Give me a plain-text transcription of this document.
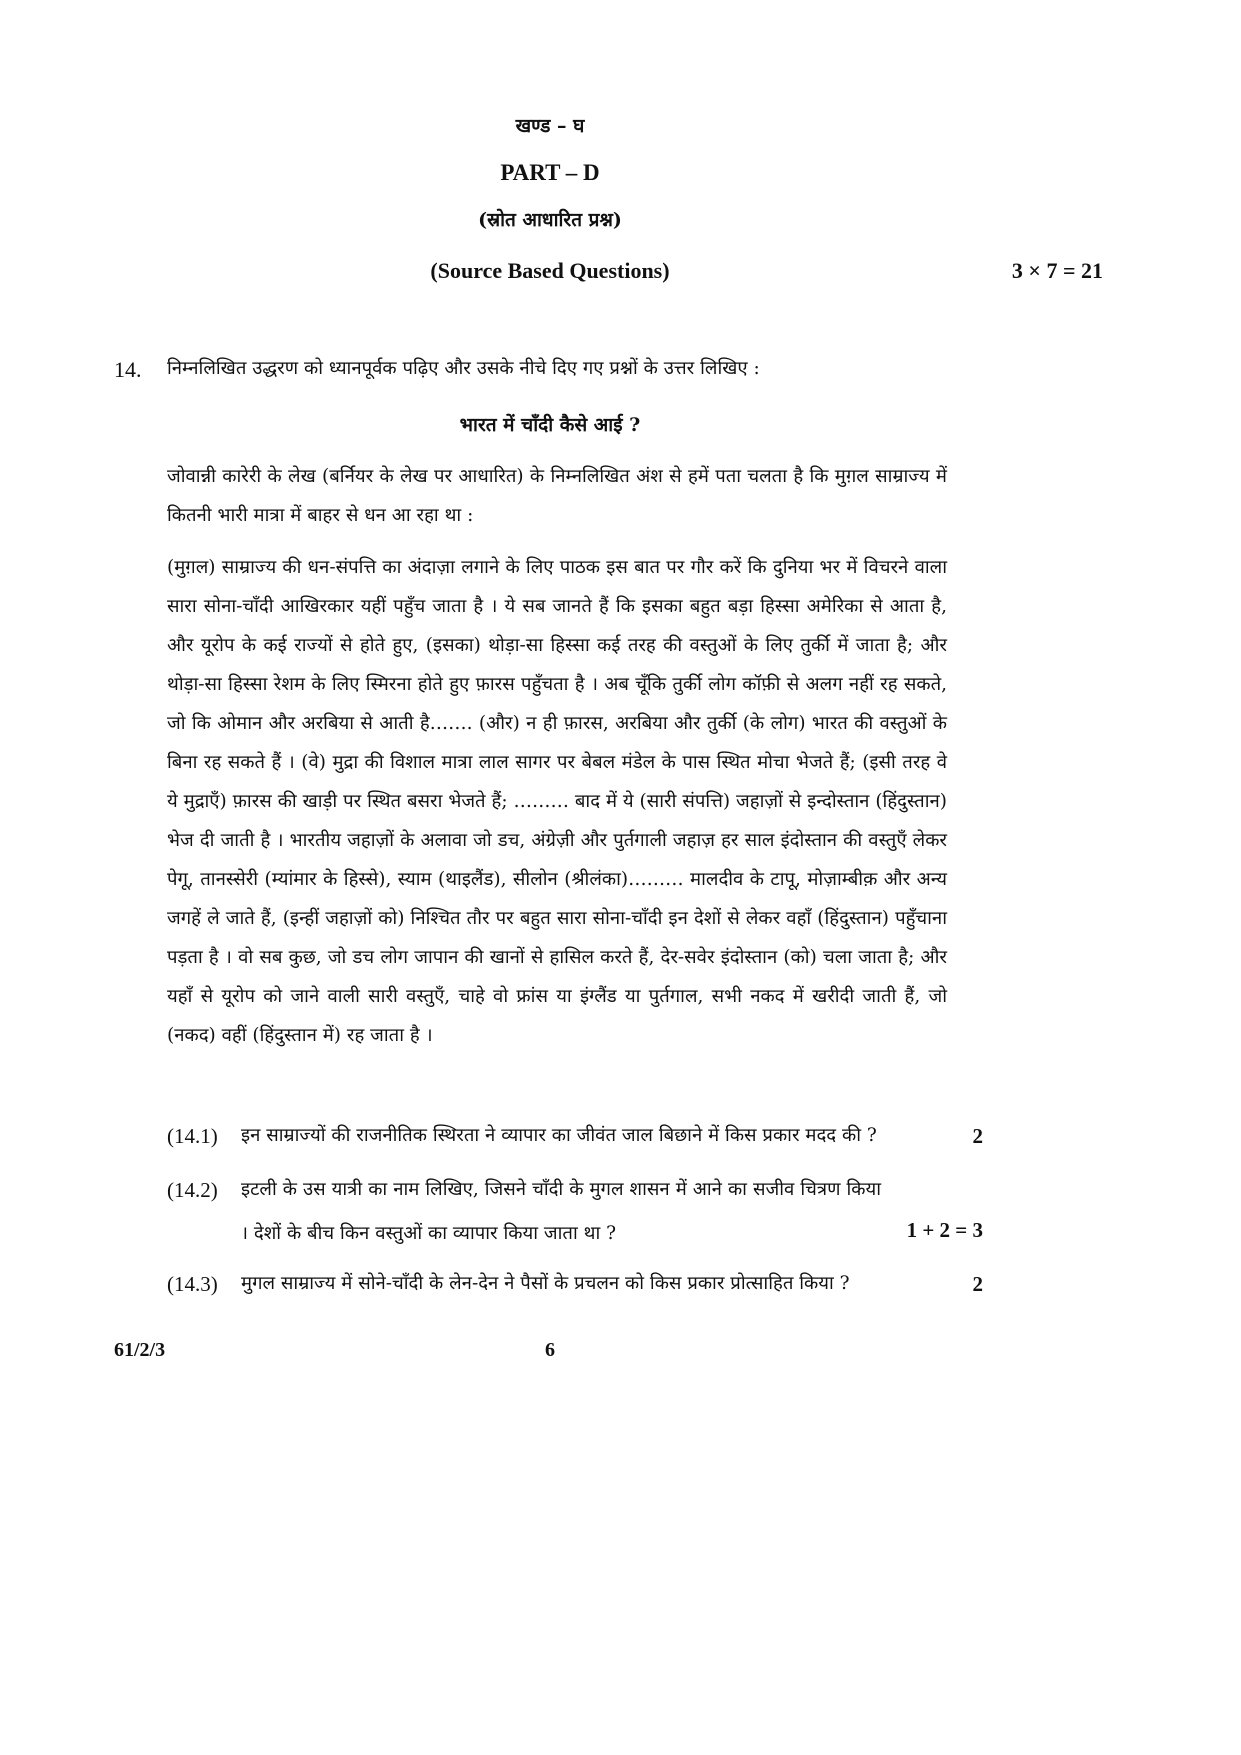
खण्ड – घ
PART – D
(स्रोत आधारित प्रश्न)
(Source Based Questions)	3 × 7 = 21
14. निम्नलिखित उद्धरण को ध्यानपूर्वक पढ़िए और उसके नीचे दिए गए प्रश्नों के उत्तर लिखिए :
भारत में चाँदी कैसे आई ?
जोवान्नी कारेरी के लेख (बर्नियर के लेख पर आधारित) के निम्नलिखित अंश से हमें पता चलता है कि मुग़ल साम्राज्य में कितनी भारी मात्रा में बाहर से धन आ रहा था :
(मुग़ल) साम्राज्य की धन-संपत्ति का अंदाज़ा लगाने के लिए पाठक इस बात पर गौर करें कि दुनिया भर में विचरने वाला सारा सोना-चाँदी आखिरकार यहीं पहुँच जाता है । ये सब जानते हैं कि इसका बहुत बड़ा हिस्सा अमेरिका से आता है, और यूरोप के कई राज्यों से होते हुए, (इसका) थोड़ा-सा हिस्सा कई तरह की वस्तुओं के लिए तुर्की में जाता है; और थोड़ा-सा हिस्सा रेशम के लिए स्मिरना होते हुए फ़ारस पहुँचता है । अब चूँकि तुर्की लोग कॉफ़ी से अलग नहीं रह सकते, जो कि ओमान और अरबिया से आती है……. (और) न ही फ़ारस, अरबिया और तुर्की (के लोग) भारत की वस्तुओं के बिना रह सकते हैं । (वे) मुद्रा की विशाल मात्रा लाल सागर पर बेबल मंडेल के पास स्थित मोचा भेजते हैं; (इसी तरह वे ये मुद्राएँ) फ़ारस की खाड़ी पर स्थित बसरा भेजते हैं; ……… बाद में ये (सारी संपत्ति) जहाज़ों से इन्दोस्तान (हिंदुस्तान) भेज दी जाती है । भारतीय जहाज़ों के अलावा जो डच, अंग्रेज़ी और पुर्तगाली जहाज़ हर साल इंदोस्तान की वस्तुएँ लेकर पेगू, तानस्सेरी (म्यांमार के हिस्से), स्याम (थाइलैंड), सीलोन (श्रीलंका)……… मालदीव के टापू, मोज़ाम्बीक़ और अन्य जगहें ले जाते हैं, (इन्हीं जहाज़ों को) निश्चित तौर पर बहुत सारा सोना-चाँदी इन देशों से लेकर वहाँ (हिंदुस्तान) पहुँचाना पड़ता है । वो सब कुछ, जो डच लोग जापान की खानों से हासिल करते हैं, देर-सवेर इंदोस्तान (को) चला जाता है; और यहाँ से यूरोप को जाने वाली सारी वस्तुएँ, चाहे वो फ्रांस या इंग्लैंड या पुर्तगाल, सभी नकद में खरीदी जाती हैं, जो (नकद) वहीं (हिंदुस्तान में) रह जाता है ।
(14.1) इन साम्राज्यों की राजनीतिक स्थिरता ने व्यापार का जीवंत जाल बिछाने में किस प्रकार मदद की ?	2
(14.2) इटली के उस यात्री का नाम लिखिए, जिसने चाँदी के मुगल शासन में आने का सजीव चित्रण किया । देशों के बीच किन वस्तुओं का व्यापार किया जाता था ?	1 + 2 = 3
(14.3) मुगल साम्राज्य में सोने-चाँदी के लेन-देन ने पैसों के प्रचलन को किस प्रकार प्रोत्साहित किया ?	2
61/2/3	6
